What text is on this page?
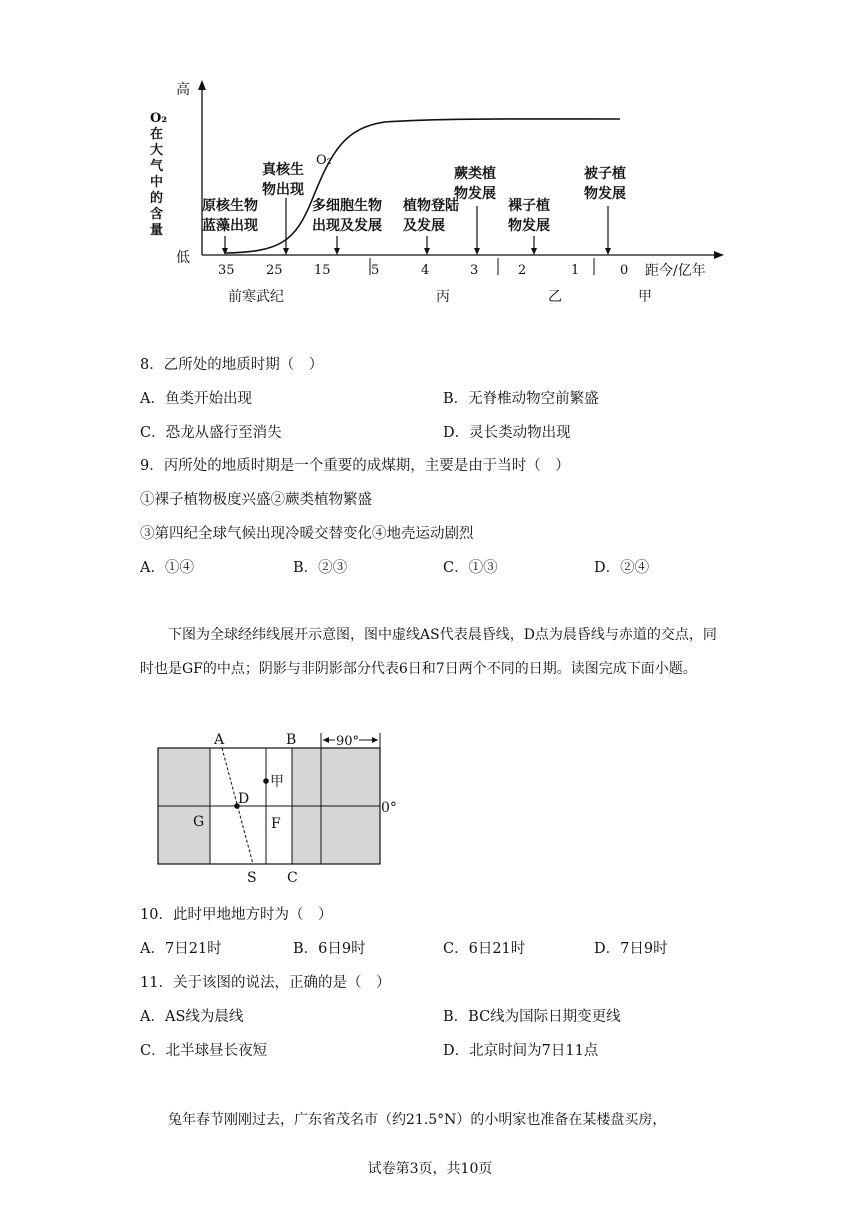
高
低
O₂
在
大
气
中
的
含
量
O₂
35 25 15	5	4	3	2	1	0 距今/亿年
前寒武纪	丙	乙	甲
原核生物
蓝藻出现
真核生
物出现
多细胞生物
出现及发展
植物登陆
及发展
蕨类植
物发展
裸子植
物发展
被子植
物发展
8．乙所处的地质时期（　）
A．鱼类开始出现	B．无脊椎动物空前繁盛
C．恐龙从盛行至消失	D．灵长类动物出现
9．丙所处的地质时期是一个重要的成煤期，主要是由于当时（　）
①裸子植物极度兴盛②蕨类植物繁盛
③第四纪全球气候出现冷暖交替变化④地壳运动剧烈
A．①④	B．②③	C．①③	D．②④
下图为全球经纬线展开示意图，图中虚线AS代表晨昏线，D点为晨昏线与赤道的交点，同时也是GF的中点；阴影与非阴影部分代表6日和7日两个不同的日期。读图完成下面小题。
90°
A	B
S C
D
G	F
甲
0°
10．此时甲地地方时为（　）
A．7日21时	B．6日9时	C．6日21时	D．7日9时
11．关于该图的说法，正确的是（　）
A．AS线为晨线	B．BC线为国际日期变更线
C．北半球昼长夜短	D．北京时间为7日11点
兔年春节刚刚过去，广东省茂名市（约21.5°N）的小明家也准备在某楼盘买房，
试卷第3页，共10页
